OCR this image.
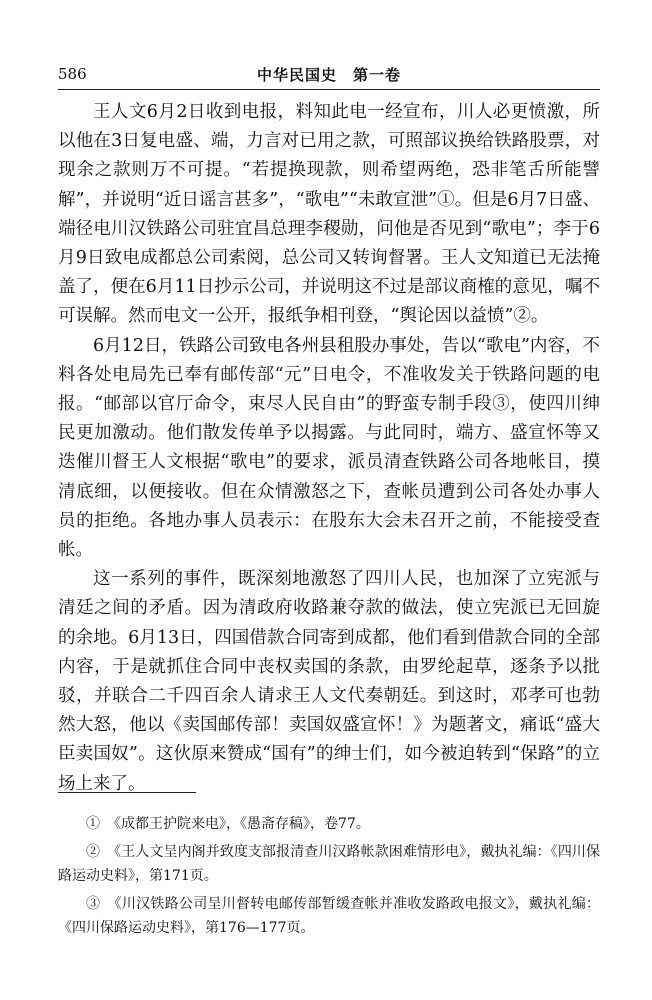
586	中华民国史　第一卷

王人文6月2日收到电报，料知此电一经宣布，川人必更愤激，所以他在3日复电盛、端，力言对已用之款，可照部议换给铁路股票，对现余之款则万不可提。“若提换现款，则希望两绝，恐非笔舌所能譬解”，并说明“近日谣言甚多”，“歌电”“未敢宣泄”①。但是6月7日盛、端径电川汉铁路公司驻宜昌总理李稷勋，问他是否见到“歌电”；李于6月9日致电成都总公司索阅，总公司又转询督署。王人文知道已无法掩盖了，便在6月11日抄示公司，并说明这不过是部议商榷的意见，嘱不可误解。然而电文一公开，报纸争相刊登，“舆论因以益愤”②。

6月12日，铁路公司致电各州县租股办事处，告以“歌电”内容，不料各处电局先已奉有邮传部“元”日电令，不准收发关于铁路问题的电报。“邮部以官厅命令，束尽人民自由”的野蛮专制手段③，使四川绅民更加激动。他们散发传单予以揭露。与此同时，端方、盛宣怀等又迭催川督王人文根据“歌电”的要求，派员清查铁路公司各地帐目，摸清底细，以便接收。但在众情激怒之下，查帐员遭到公司各处办事人员的拒绝。各地办事人员表示：在股东大会未召开之前，不能接受查帐。

这一系列的事件，既深刻地激怒了四川人民，也加深了立宪派与清廷之间的矛盾。因为清政府收路兼夺款的做法，使立宪派已无回旋的余地。6月13日，四国借款合同寄到成都，他们看到借款合同的全部内容，于是就抓住合同中丧权卖国的条款，由罗纶起草，逐条予以批驳，并联合二千四百余人请求王人文代奏朝廷。到这时，邓孝可也勃然大怒，他以《卖国邮传部！卖国奴盛宣怀！》为题著文，痛诋“盛大臣卖国奴”。这伙原来赞成“国有”的绅士们，如今被迫转到“保路”的立场上来了。

①　《成都王护院来电》，《愚斋存稿》，卷77。

②　《王人文呈内阁并致度支部报清查川汉路帐款困难情形电》，戴执礼编：《四川保路运动史料》，第171页。

③　《川汉铁路公司呈川督转电邮传部暂缓查帐并准收发路政电报文》，戴执礼编：《四川保路运动史料》，第176—177页。
